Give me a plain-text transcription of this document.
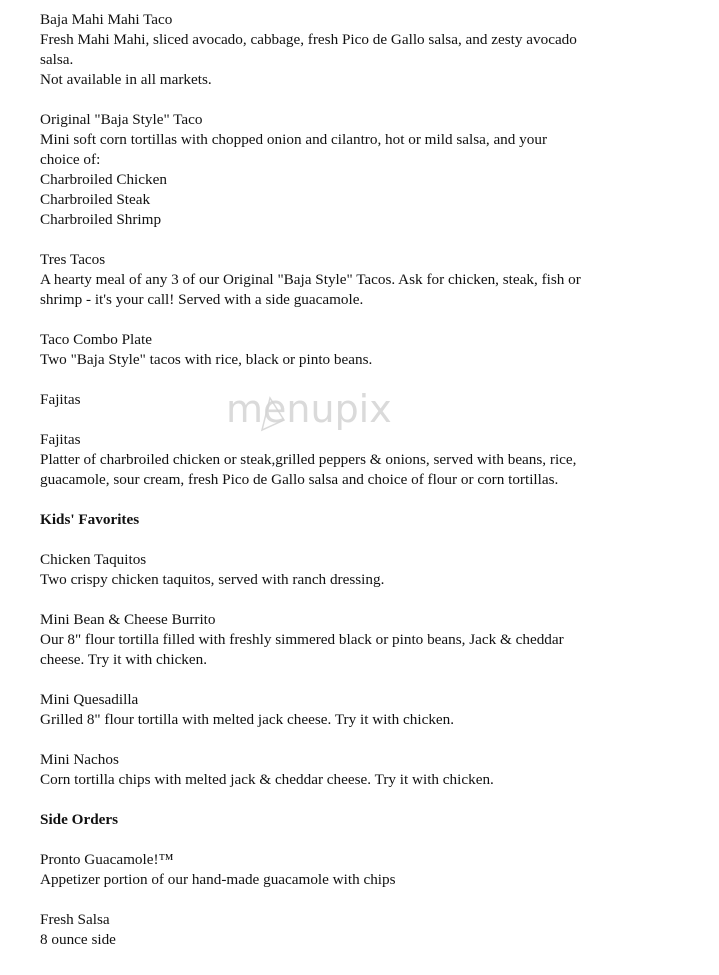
menupix
Baja Mahi Mahi Taco
Fresh Mahi Mahi, sliced avocado, cabbage, fresh Pico de Gallo salsa, and zesty avocado
salsa.
Not available in all markets.
Original "Baja Style" Taco
Mini soft corn tortillas with chopped onion and cilantro, hot or mild salsa, and your
choice of:
Charbroiled Chicken
Charbroiled Steak
Charbroiled Shrimp
Tres Tacos
A hearty meal of any 3 of our Original "Baja Style" Tacos. Ask for chicken, steak, fish or
shrimp - it's your call! Served with a side guacamole.
Taco Combo Plate
Two "Baja Style" tacos with rice, black or pinto beans.
Fajitas
Fajitas
Platter of charbroiled chicken or steak,grilled peppers & onions, served with beans, rice,
guacamole, sour cream, fresh Pico de Gallo salsa and choice of flour or corn tortillas.
Kids' Favorites
Chicken Taquitos
Two crispy chicken taquitos, served with ranch dressing.
Mini Bean & Cheese Burrito
Our 8" flour tortilla filled with freshly simmered black or pinto beans, Jack & cheddar
cheese. Try it with chicken.
Mini Quesadilla
Grilled 8" flour tortilla with melted jack cheese. Try it with chicken.
Mini Nachos
Corn tortilla chips with melted jack & cheddar cheese. Try it with chicken.
Side Orders
Pronto Guacamole!™
Appetizer portion of our hand-made guacamole with chips
Fresh Salsa
8 ounce side
